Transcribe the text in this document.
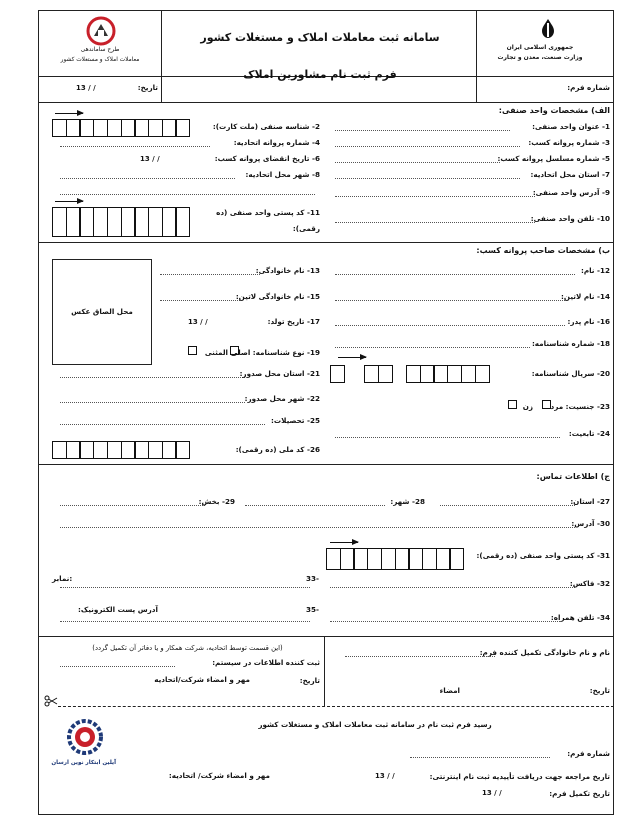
طرح ساماندهی
معاملات املاک و مستغلات کشور
سامانه ثبت معاملات املاک و مستغلات کشور
فرم ثبت نام مشاورین املاک
جمهوری اسلامی ایران
وزارت صنعت، معدن و تجارت
تاریخ:
13 / /	شماره فرم:
الف) مشخصات واحد صنفی:
1- عنوان واحد صنفی:
3- شماره پروانه کسب:
5- شماره مسلسل پروانه کسب:
7- استان محل اتحادیه:
9- آدرس واحد صنفی:
10- تلفن واحد صنفی:
2- شناسه صنفی (ملت کارت):
4- شماره پروانه اتحادیه:
13 / /	6- تاریخ انقضای پروانه کسب:
8- شهر محل اتحادیه:
11- کد پستی واحد صنفی (ده
رقمی):
ب) مشخصات صاحب پروانه کسب:
محل الصاق عکس
12- نام:
14- نام لاتین:
16- نام پدر:
18- شماره شناسنامه:
20- سریال شناسنامه:
23- جنسیت: مرد
زن
24- تابعیت:
13- نام خانوادگی:
15- نام خانوادگی لاتین:
13 / /	17- تاریخ تولد:
19- نوع شناسنامه: اصلی
المثنی
21- استان محل صدور:
22- شهر محل صدور:
25- تحصیلات:
26- کد ملی (ده رقمی):
ج) اطلاعات تماس:
27- استان:
28- شهر:
29- بخش:
30- آدرس:
31- کد پستی واحد صنفی (ده رقمی):
32- فاکس:
نمابر:	33-
34- تلفن همراه:
35-
آدرس پست الکترونیک:
نام و نام خانوادگی تکمیل کننده فرم:
تاریخ:
امضاء
(این قسمت توسط اتحادیه، شرکت همکار و یا دفاتر آن تکمیل گردد)
ثبت کننده اطلاعات در سیستم:
تاریخ:
مهر و امضاء شرکت/اتحادیه
آیلین ابتکار نوین ارسان
رسید فرم ثبت نام در سامانه ثبت معاملات املاک و مستغلات کشور
شماره فرم:
تاریخ مراجعه جهت دریافت تأییدیه ثبت نام اینترنتی:
13 / /
تاریخ تکمیل فرم:
13 / /
مهر و امضاء شرکت/ اتحادیه:
